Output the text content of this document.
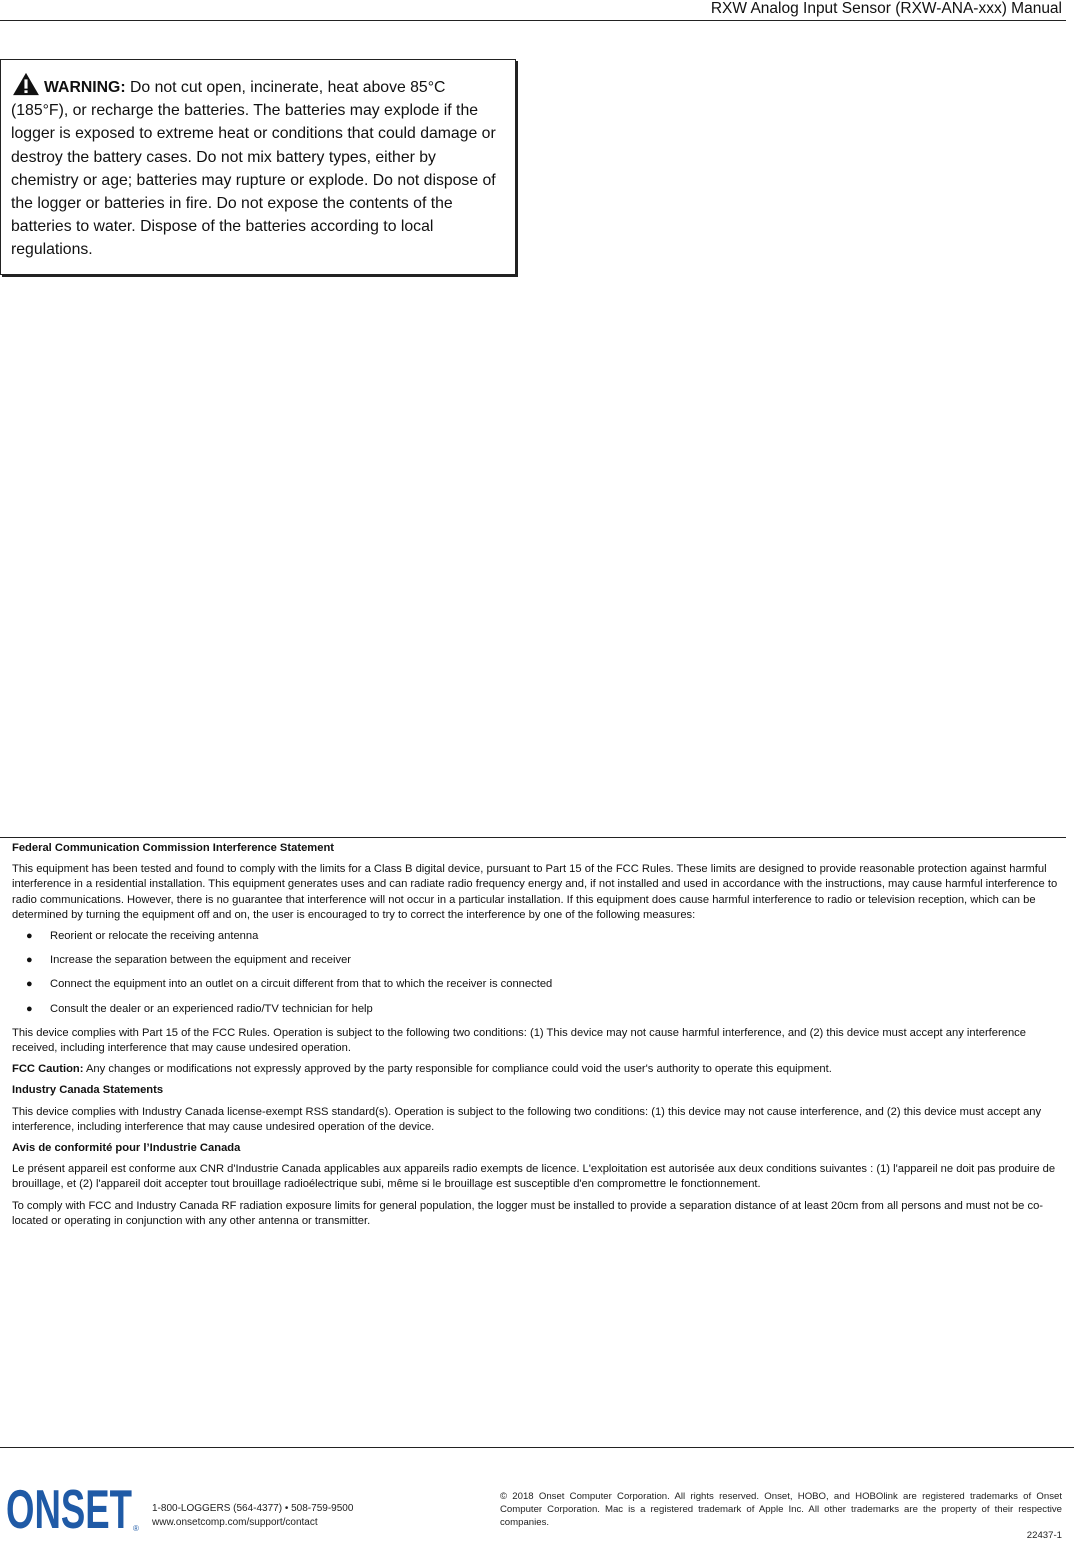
RXW Analog Input Sensor (RXW-ANA-xxx) Manual
WARNING: Do not cut open, incinerate, heat above 85°C (185°F), or recharge the batteries. The batteries may explode if the logger is exposed to extreme heat or conditions that could damage or destroy the battery cases. Do not mix battery types, either by chemistry or age; batteries may rupture or explode. Do not dispose of the logger or batteries in fire. Do not expose the contents of the batteries to water. Dispose of the batteries according to local regulations.
Federal Communication Commission Interference Statement

This equipment has been tested and found to comply with the limits for a Class B digital device, pursuant to Part 15 of the FCC Rules. These limits are designed to provide reasonable protection against harmful interference in a residential installation. This equipment generates uses and can radiate radio frequency energy and, if not installed and used in accordance with the instructions, may cause harmful interference to radio communications. However, there is no guarantee that interference will not occur in a particular installation. If this equipment does cause harmful interference to radio or television reception, which can be determined by turning the equipment off and on, the user is encouraged to try to correct the interference by one of the following measures:

● Reorient or relocate the receiving antenna
● Increase the separation between the equipment and receiver
● Connect the equipment into an outlet on a circuit different from that to which the receiver is connected
● Consult the dealer or an experienced radio/TV technician for help

This device complies with Part 15 of the FCC Rules. Operation is subject to the following two conditions: (1) This device may not cause harmful interference, and (2) this device must accept any interference received, including interference that may cause undesired operation.

FCC Caution: Any changes or modifications not expressly approved by the party responsible for compliance could void the user's authority to operate this equipment.

Industry Canada Statements

This device complies with Industry Canada license-exempt RSS standard(s). Operation is subject to the following two conditions: (1) this device may not cause interference, and (2) this device must accept any interference, including interference that may cause undesired operation of the device.

Avis de conformité pour l’Industrie Canada

Le présent appareil est conforme aux CNR d'Industrie Canada applicables aux appareils radio exempts de licence. L'exploitation est autorisée aux deux conditions suivantes : (1) l'appareil ne doit pas produire de brouillage, et (2) l'appareil doit accepter tout brouillage radioélectrique subi, même si le brouillage est susceptible d'en compromettre le fonctionnement.

To comply with FCC and Industry Canada RF radiation exposure limits for general population, the logger must be installed to provide a separation distance of at least 20cm from all persons and must not be co-located or operating in conjunction with any other antenna or transmitter.

ONSET ®
1-800-LOGGERS (564-4377) • 508-759-9500
www.onsetcomp.com/support/contact
© 2018 Onset Computer Corporation. All rights reserved. Onset, HOBO, and HOBOlink are registered trademarks of Onset Computer Corporation. Mac is a registered trademark of Apple Inc. All other trademarks are the property of their respective companies.
22437-1
